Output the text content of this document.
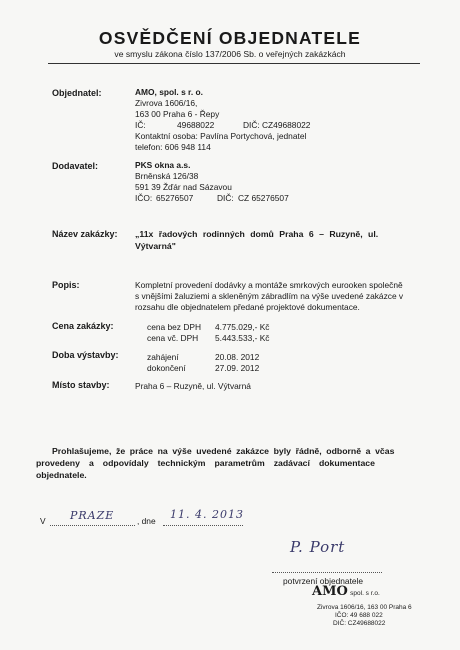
OSVĚDČENÍ OBJEDNATELE
ve smyslu zákona číslo 137/2006 Sb. o veřejných zakázkách
Objednatel:	AMO, spol. s r. o.
Zivrova 1606/16,
163 00 Praha 6 - Řepy
IČ:	49688022	DIČ: CZ49688022
Kontaktní osoba: Pavlína Portychová, jednatel
telefon: 606 948 114
Dodavatel:	PKS okna a.s.
Brněnská 126/38
591 39 Žďár nad Sázavou
IČO: 65276507	DIČ: CZ 65276507
Název zakázky: „11x řadových rodinných domů Praha 6 – Ruzyně, ul.
Výtvarná"
Popis:	Kompletní provedení dodávky a montáže smrkových eurooken společně
s vnějšími žaluziemi a skleněným zábradlím na výše uvedené zakázce v
rozsahu dle objednatelem předané projektové dokumentace.
Cena zakázky:	cena bez DPH 4.775.029,- Kč
cena vč. DPH 5.443.533,- Kč
Doba výstavby:	zahájení	20.08. 2012
dokončení	27.09. 2012
Místo stavby:	Praha 6 – Ruzyně, ul. Výtvarná
Prohlašujeme, že práce na výše uvedené zakázce byly řádně, odborně a včas
provedeny a odpovídaly technickým parametrům zadávací dokumentace
objednatele.
V PRAZE	, dne 11. 4. 2013
P. Port
potvrzení objednatele
AMO spol. s r.o.
Zivrova 1606/16, 163 00 Praha 6
IČO: 49 688 022
DIČ: CZ49688022
